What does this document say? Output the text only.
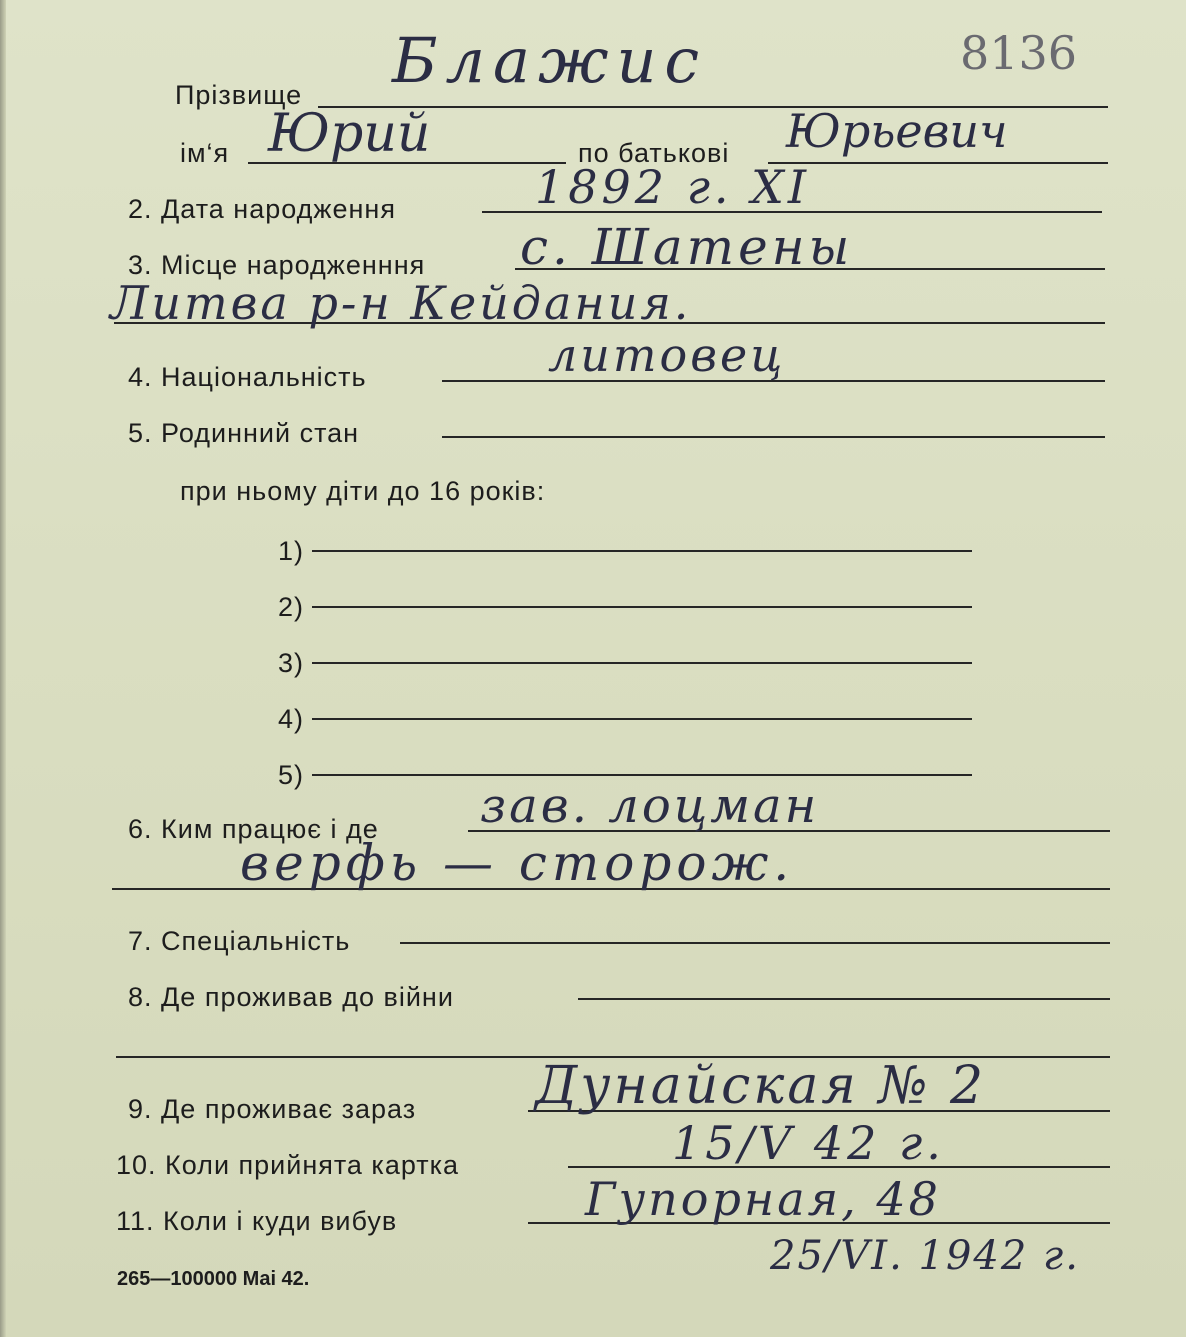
8136
Прізвище Блажис
ім‘я Юрий	по батькові Юрьевич
2. Дата народження	1892 г. XI
3. Місце народженння с. Шатены
Литва р-н Кейдания.
4. Національність	литовец
5. Родинний стан
при ньому діти до 16 років:
1)
2)
3)
4)
5)
6. Ким працює і де зав. лоцман
верфь — сторож.
7. Спеціальність
8. Де проживав до війни
9. Де проживає зараз Дунайская № 2
10. Коли прийнята картка	15/V 42 г.
11. Коли і куди вибув	Гупорная, 48
25/VI. 1942 г.
265—100000 Mai 42.
